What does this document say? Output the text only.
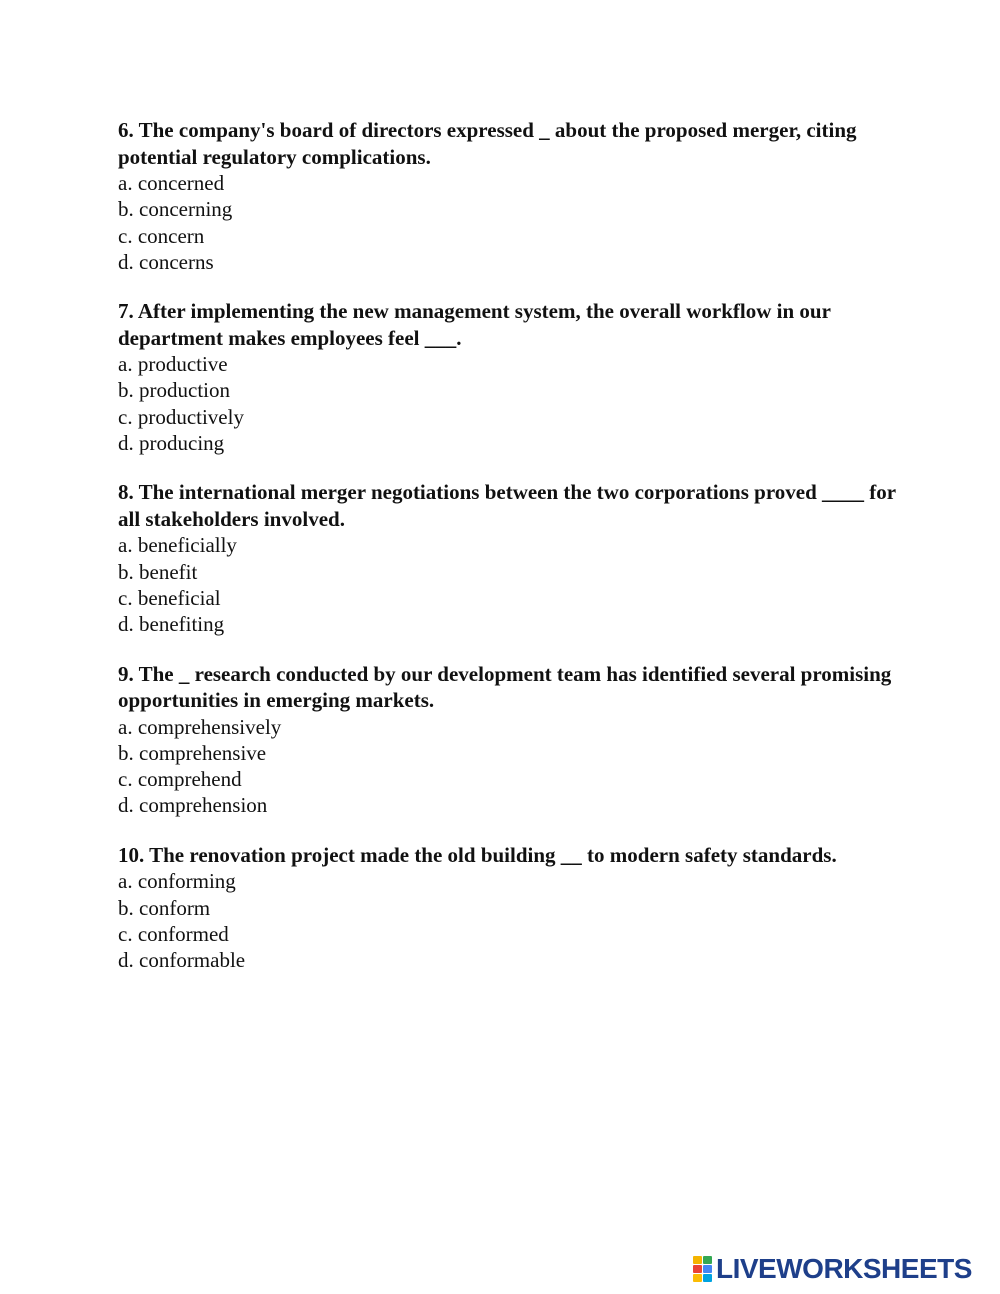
6. The company's board of directors expressed _ about the proposed merger, citing potential regulatory complications.

a. concerned
b. concerning
c. concern
d. concerns

7. After implementing the new management system, the overall workflow in our department makes employees feel ___.

a. productive
b. production
c. productively
d. producing

8. The international merger negotiations between the two corporations proved ____ for all stakeholders involved.

a. beneficially
b. benefit
c. beneficial
d. benefiting

9. The _ research conducted by our development team has identified several promising opportunities in emerging markets.

a. comprehensively
b. comprehensive
c. comprehend
d. comprehension

10. The renovation project made the old building __ to modern safety standards.

a. conforming
b. conform
c. conformed
d. conformable
LIVEWORKSHEETS
